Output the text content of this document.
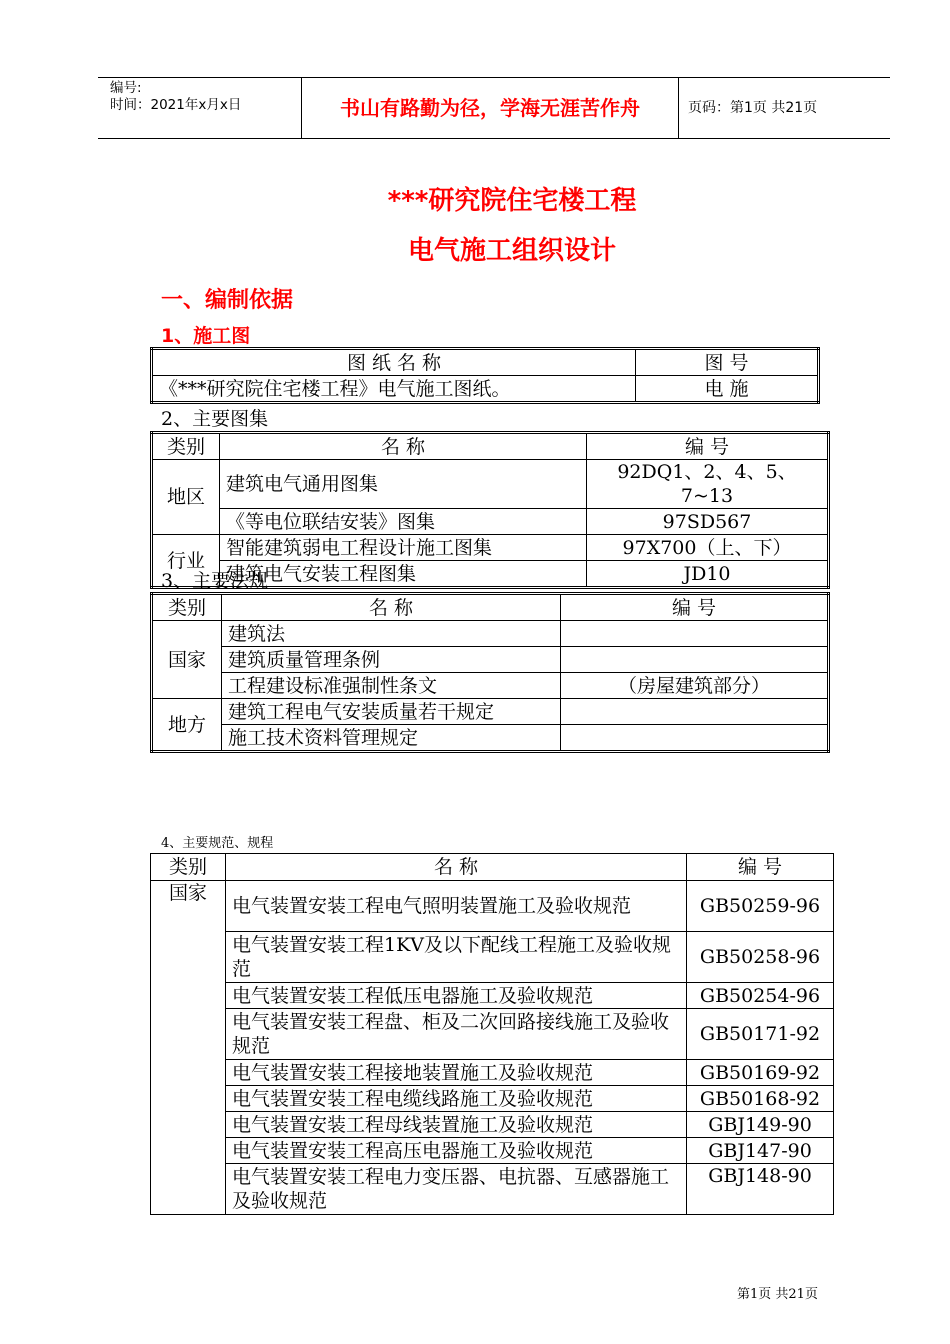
编号:
时间：2021年x月x日	书山有路勤为径，学海无涯苦作舟	页码：第1页 共21页
***研究院住宅楼工程
电气施工组织设计
一、编制依据
1、施工图
图 纸 名 称	图 号
《***研究院住宅楼工程》电气施工图纸。	电 施
2、主要图集
类别	名 称	编 号
地区	建筑电气通用图集	92DQ1、2、4、5、7~13
	《等电位联结安装》图集	97SD567
行业	智能建筑弱电工程设计施工图集	97X700（上、下）
	建筑电气安装工程图集	JD10
3、主要法规
类别	名 称	编 号
国家	建筑法	
	建筑质量管理条例	
	工程建设标准强制性条文	（房屋建筑部分）
地方	建筑工程电气安装质量若干规定	
	施工技术资料管理规定	
4、主要规范、规程
类别	名 称	编 号
国家	电气装置安装工程电气照明装置施工及验收规范	GB50259-96
	电气装置安装工程1KV及以下配线工程施工及验收规范	GB50258-96
	电气装置安装工程低压电器施工及验收规范	GB50254-96
	电气装置安装工程盘、柜及二次回路接线施工及验收规范	GB50171-92
	电气装置安装工程接地装置施工及验收规范	GB50169-92
	电气装置安装工程电缆线路施工及验收规范	GB50168-92
	电气装置安装工程母线装置施工及验收规范	GBJ149-90
	电气装置安装工程高压电器施工及验收规范	GBJ147-90
	电气装置安装工程电力变压器、电抗器、互感器施工及验收规范	GBJ148-90
第1页 共21页
